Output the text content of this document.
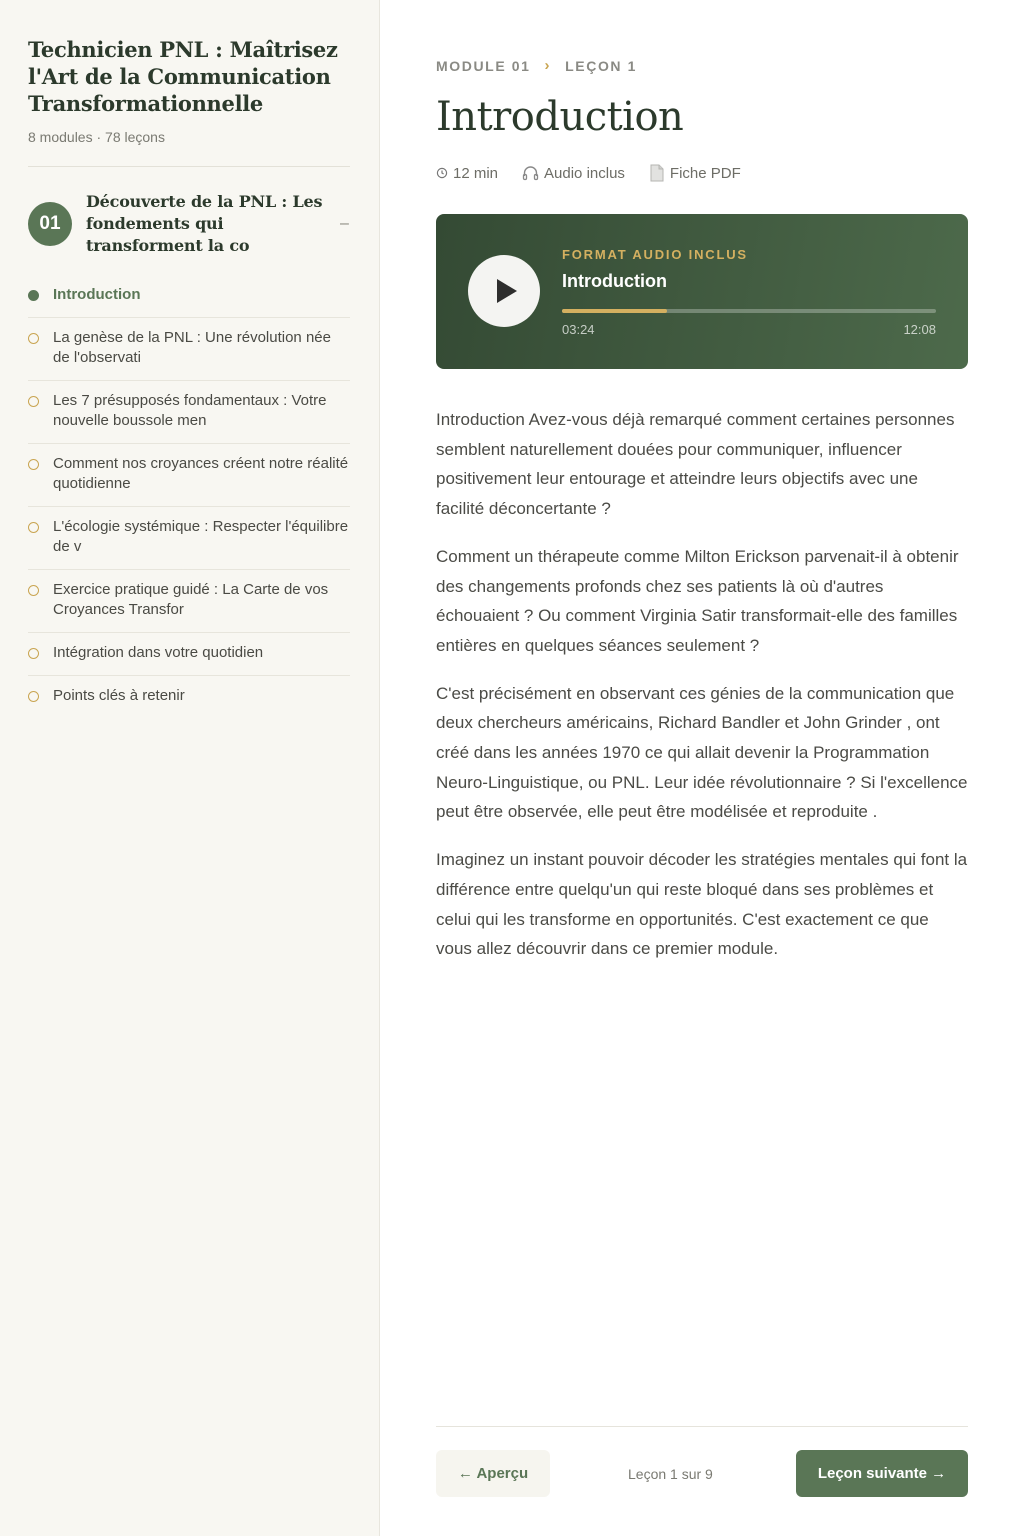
Technicien PNL : Maîtrisez l'Art de la Communication Transformationnelle
8 modules · 78 leçons
01
Découverte de la PNL : Les fondements qui transforment la co
–
Introduction
La genèse de la PNL : Une révolution née de l'observati
Les 7 présupposés fondamentaux : Votre nouvelle boussole men
Comment nos croyances créent notre réalité quotidienne
L'écologie systémique : Respecter l'équilibre de v
Exercice pratique guidé : La Carte de vos Croyances Transfor
Intégration dans votre quotidien
Points clés à retenir
MODULE 01 › LEÇON 1
Introduction
12 min	Audio inclus	Fiche PDF
FORMAT AUDIO INCLUS
Introduction
03:24	12:08

Introduction Avez-vous déjà remarqué comment certaines personnes semblent naturellement douées pour communiquer, influencer positivement leur entourage et atteindre leurs objectifs avec une facilité déconcertante ?

Comment un thérapeute comme Milton Erickson parvenait-il à obtenir des changements profonds chez ses patients là où d'autres échouaient ? Ou comment Virginia Satir transformait-elle des familles entières en quelques séances seulement ?

C'est précisément en observant ces génies de la communication que deux chercheurs américains, Richard Bandler et John Grinder , ont créé dans les années 1970 ce qui allait devenir la Programmation Neuro-Linguistique, ou PNL. Leur idée révolutionnaire ? Si l'excellence peut être observée, elle peut être modélisée et reproduite .

Imaginez un instant pouvoir décoder les stratégies mentales qui font la différence entre quelqu'un qui reste bloqué dans ses problèmes et celui qui les transforme en opportunités. C'est exactement ce que vous allez découvrir dans ce premier module.

← Aperçu	Leçon 1 sur 9	Leçon suivante →
